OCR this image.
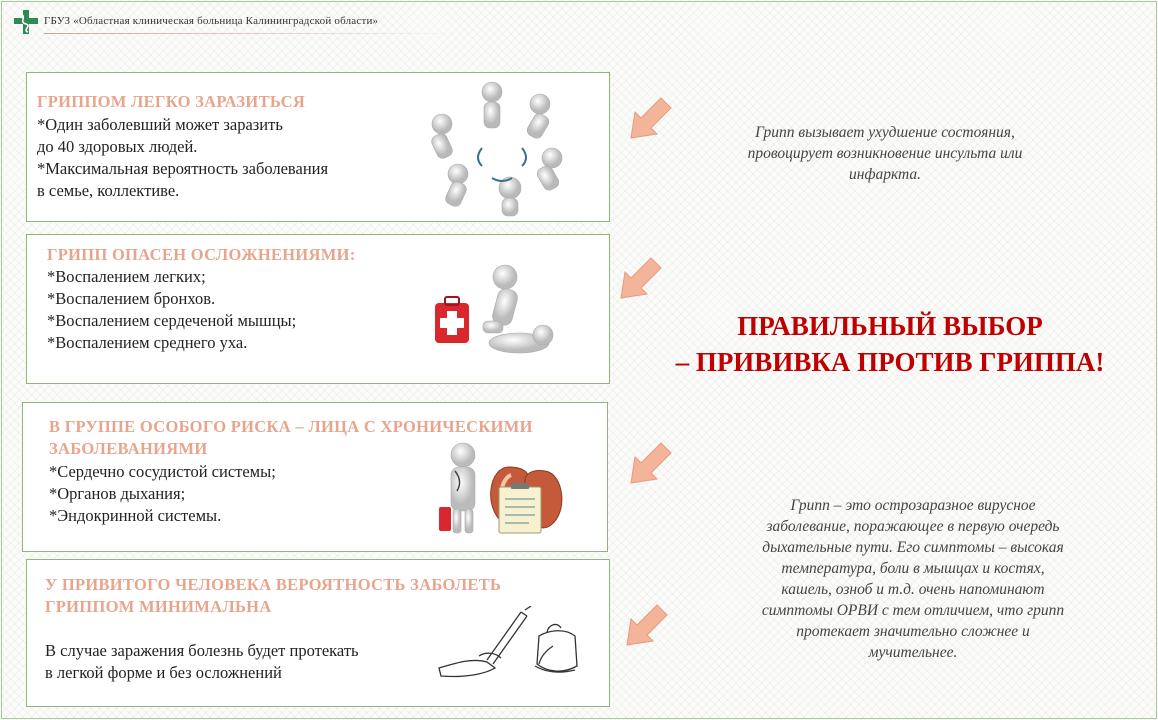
ГБУЗ «Областная клиническая больница Калининградской области»
ГРИППОМ ЛЕГКО ЗАРАЗИТЬСЯ
*Один заболевший может заразить
до 40 здоровых людей.
*Максимальная вероятность заболевания
в семье, коллективе.
ГРИПП ОПАСЕН ОСЛОЖНЕНИЯМИ:
*Воспалением легких;
*Воспалением бронхов.
*Воспалением сердеченой мышцы;
*Воспалением среднего уха.
В ГРУППЕ ОСОБОГО РИСКА – ЛИЦА С ХРОНИЧЕСКИМИ
ЗАБОЛЕВАНИЯМИ
*Сердечно сосудистой системы;
*Органов дыхания;
*Эндокринной системы.
У ПРИВИТОГО ЧЕЛОВЕКА ВЕРОЯТНОСТЬ ЗАБОЛЕТЬ
ГРИППОМ МИНИМАЛЬНА
В случае заражения болезнь будет протекать
в легкой форме и без осложнений
Грипп вызывает ухудшение состояния,
провоцирует возникновение инсульта или
инфаркта.
ПРАВИЛЬНЫЙ ВЫБОР
– ПРИВИВКА ПРОТИВ ГРИППА!
Грипп – это острозаразное вирусное
заболевание, поражающее в первую очередь
дыхательные пути. Его симптомы – высокая
температура, боли в мышцах и костях,
кашель, озноб и т.д. очень напоминают
симптомы ОРВИ с тем отличием, что грипп
протекает значительно сложнее и
мучительнее.
